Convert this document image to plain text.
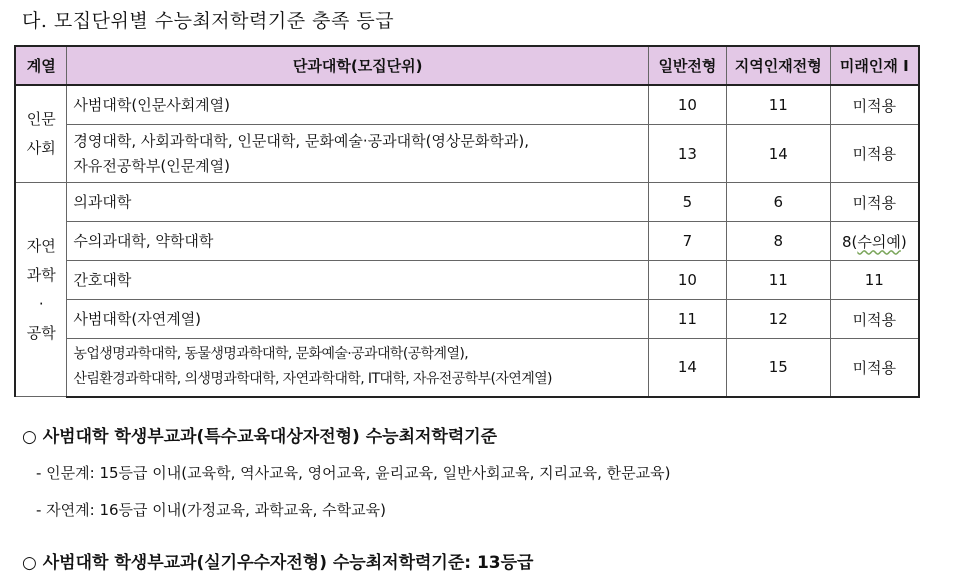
다. 모집단위별 수능최저학력기준 충족 등급
계열	단과대학(모집단위)	일반전형	지역인재전형	미래인재 I
인문
사회	사범대학(인문사회계열)	10	11	미적용
	경영대학, 사회과학대학, 인문대학, 문화예술·공과대학(영상문화학과),
자유전공학부(인문계열)	13	14	미적용
자연
과학
·
공학	의과대학	5	6	미적용
	수의과대학, 약학대학	7	8	8(수의예)
	간호대학	10	11	11
	사범대학(자연계열)	11	12	미적용
	농업생명과학대학, 동물생명과학대학, 문화예술·공과대학(공학계열),
산림환경과학대학, 의생명과학대학, 자연과학대학, IT대학, 자유전공학부(자연계열)	14	15	미적용
○ 사범대학 학생부교과(특수교육대상자전형) 수능최저학력기준
- 인문계: 15등급 이내(교육학, 역사교육, 영어교육, 윤리교육, 일반사회교육, 지리교육, 한문교육)
- 자연계: 16등급 이내(가정교육, 과학교육, 수학교육)
○ 사범대학 학생부교과(실기우수자전형) 수능최저학력기준: 13등급
